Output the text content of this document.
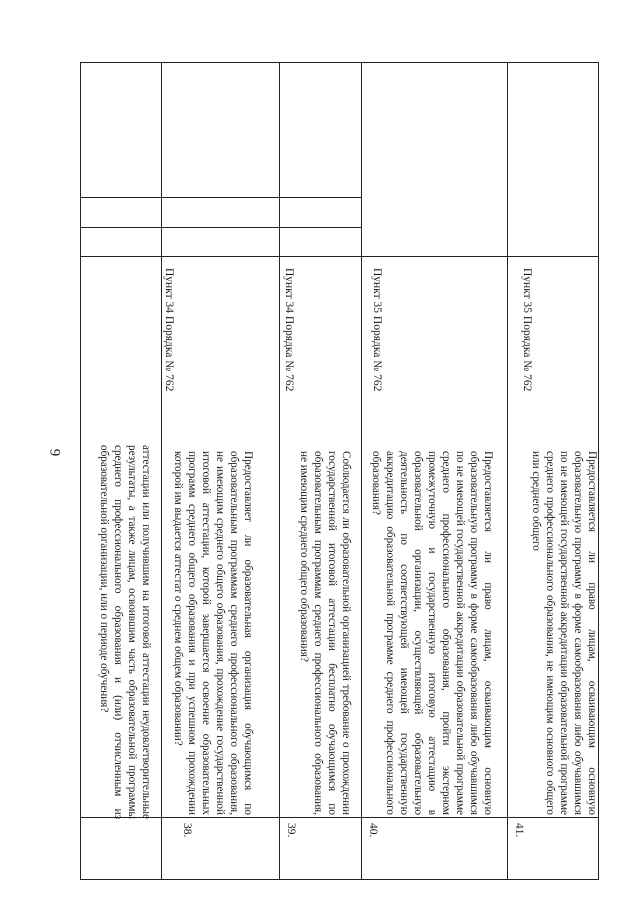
9	аттестации или получившим на итоговой аттестации неудовлетворительные результаты, а также лицам, освоившим часть образовательной программы среднего профессионального образования и (или) отчисленным из образовательной организации, или о периоде обучения?
38.
Предоставляет ли образовательная организация обучающимся по образовательным программам среднего профессионального образования, не имеющим среднего общего образования, прохождение государственной итоговой аттестации, которой завершается освоение образовательных программ среднего общего образования и при успешном прохождении которой им выдается аттестат о среднем общем образовании?
Пункт 34 Порядка № 762
39.
Соблюдается ли образовательной организацией требование о прохождении государственной итоговой аттестации бесплатно обучающимся по образовательным программам среднего профессионального образования, не имеющим среднего общего образования?
Пункт 34 Порядка № 762
40.
Предоставляется ли право лицам, осваивающим основную образовательную программу в форме самообразования либо обучавшимся по не имеющей государственной аккредитации образовательной программе среднего профессионального образования, пройти экстерном промежуточную и государственную итоговую аттестацию в образовательной организации, осуществляющей образовательную деятельность по соответствующей имеющей государственную аккредитацию образовательной программе среднего профессионального образования?
Пункт 35 Порядка № 762
41.
Предоставляется ли право лицам, осваивающим основную образовательную программу в форме самообразования либо обучавшимся по не имеющей государственной аккредитации образовательной программе среднего профессионального образования, не имеющим основного общего или среднего общего
Пункт 35 Порядка № 762
